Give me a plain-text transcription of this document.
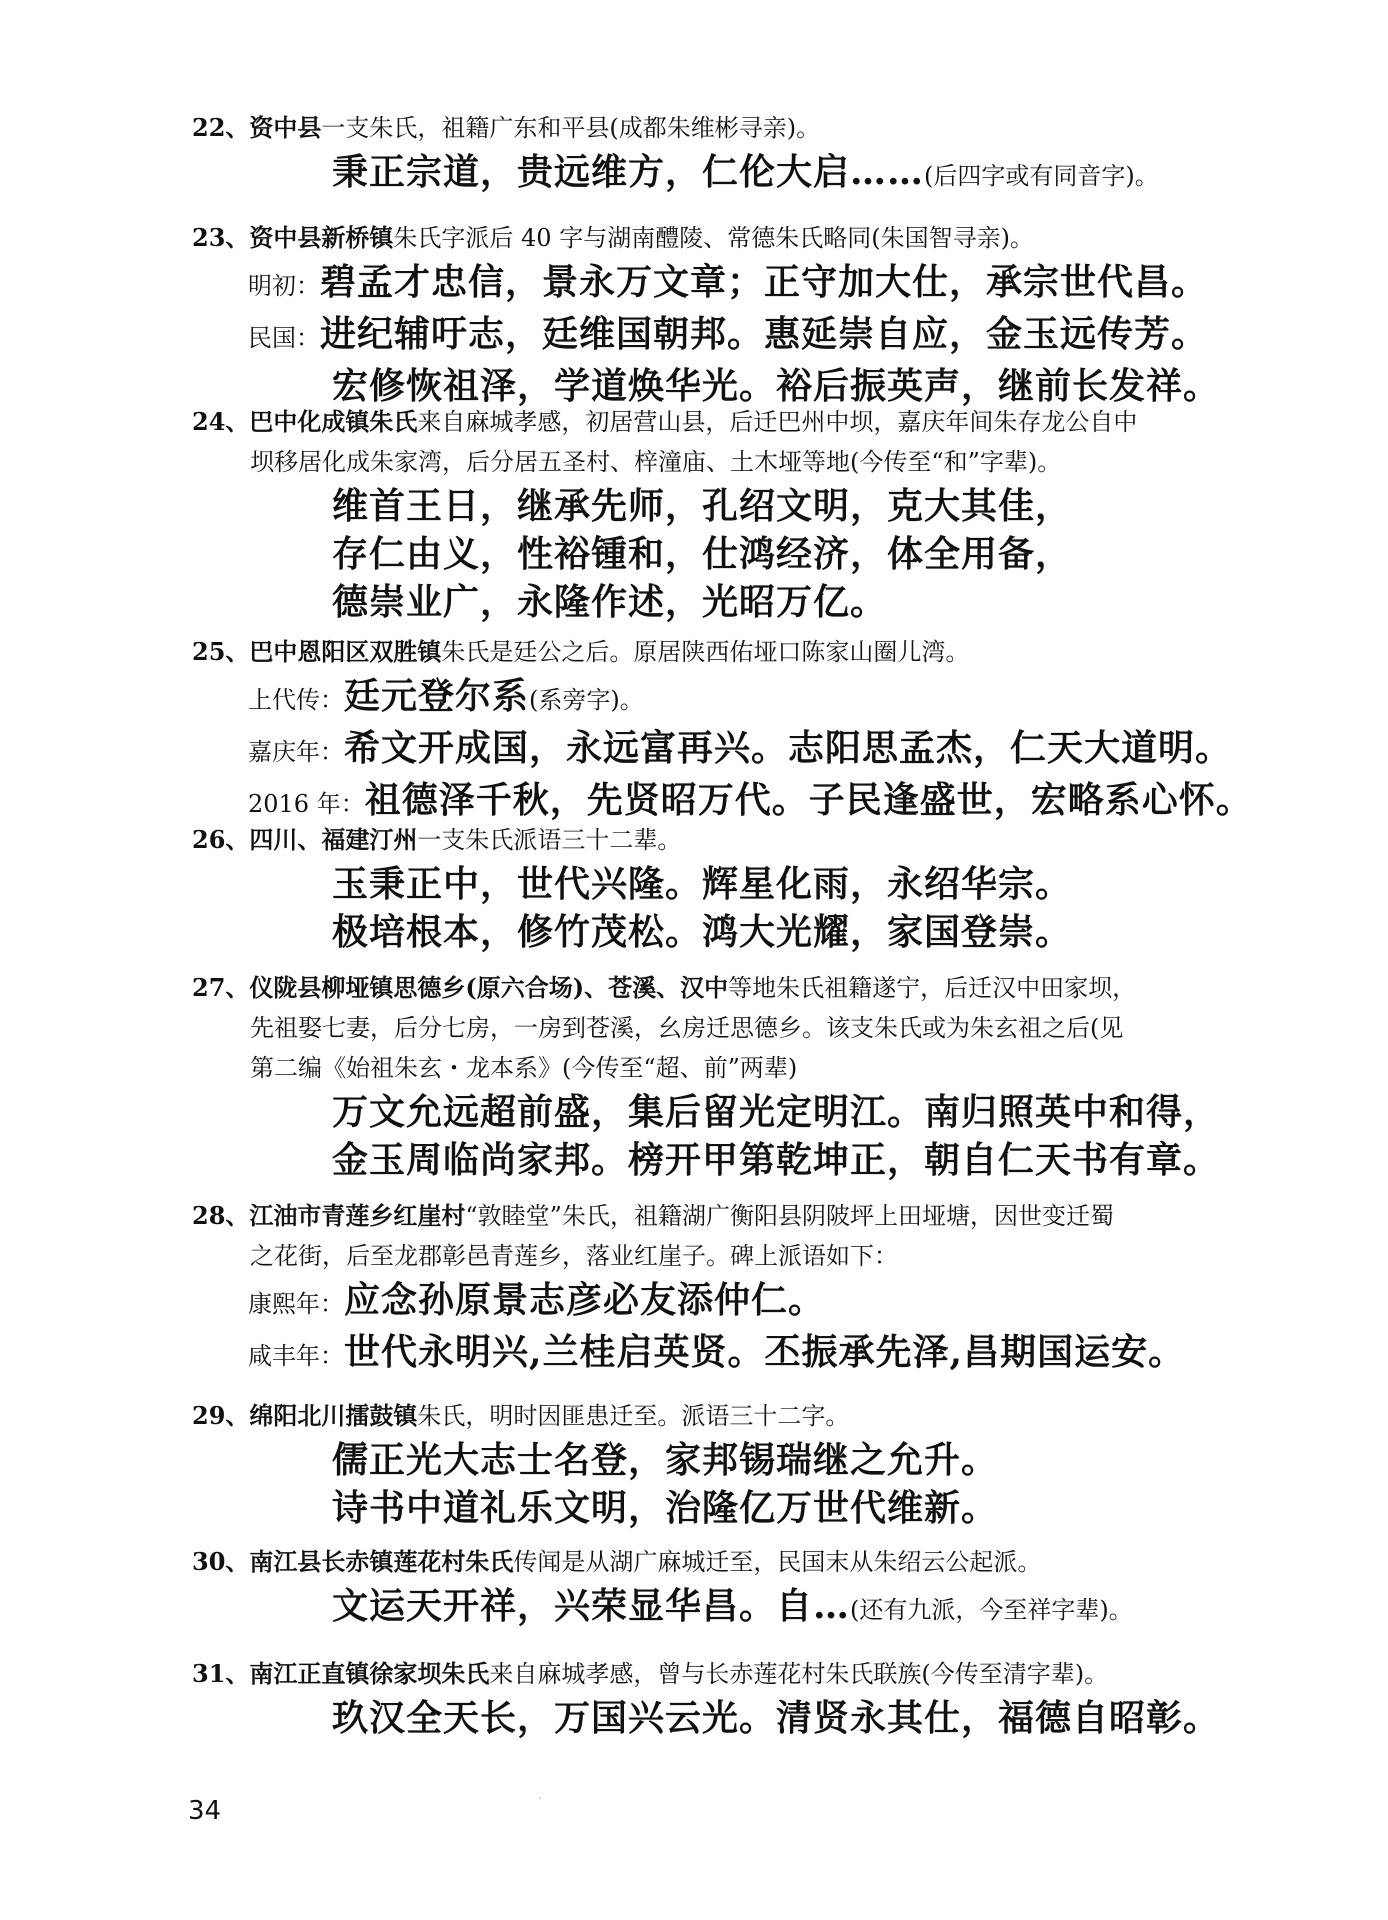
22、资中县一支朱氏，祖籍广东和平县(成都朱维彬寻亲)。
秉正宗道，贵远维方，仁伦大启……(后四字或有同音字)。
23、资中县新桥镇朱氏字派后 40 字与湖南醴陵、常德朱氏略同(朱国智寻亲)。
明初：碧孟才忠信，景永万文章；正守加大仕，承宗世代昌。
民国：进纪辅吁志，廷维国朝邦。惠延崇自应，金玉远传芳。
宏修恢祖泽，学道焕华光。裕后振英声，继前长发祥。
24、巴中化成镇朱氏来自麻城孝感，初居营山县，后迁巴州中坝，嘉庆年间朱存龙公自中
坝移居化成朱家湾，后分居五圣村、梓潼庙、土木垭等地(今传至“和”字辈)。
维首王日，继承先师，孔绍文明，克大其佳，
存仁由义，性裕锺和，仕鸿经济，体全用备，
德崇业广，永隆作述，光昭万亿。
25、巴中恩阳区双胜镇朱氏是廷公之后。原居陕西佑垭口陈家山圈儿湾。
上代传：廷元登尔系(系旁字)。
嘉庆年：希文开成国，永远富再兴。志阳思孟杰，仁天大道明。
2016 年：祖德泽千秋，先贤昭万代。子民逢盛世，宏略系心怀。
26、四川、福建汀州一支朱氏派语三十二辈。
玉秉正中，世代兴隆。辉星化雨，永绍华宗。
极培根本，修竹茂松。鸿大光耀，家国登崇。
27、仪陇县柳垭镇思德乡(原六合场)、苍溪、汉中等地朱氏祖籍遂宁，后迁汉中田家坝，
先祖娶七妻，后分七房，一房到苍溪，幺房迁思德乡。该支朱氏或为朱玄祖之后(见
第二编《始祖朱玄・龙本系》(今传至“超、前”两辈)
万文允远超前盛，集后留光定明江。南归照英中和得，
金玉周临尚家邦。榜开甲第乾坤正，朝自仁天书有章。
28、江油市青莲乡红崖村“敦睦堂”朱氏，祖籍湖广衡阳县阴陂坪上田垭塘，因世变迁蜀
之花街，后至龙郡彰邑青莲乡，落业红崖子。碑上派语如下：
康熙年：应念孙原景志彦必友添仲仁。
咸丰年：世代永明兴,兰桂启英贤。丕振承先泽,昌期国运安。
29、绵阳北川擂鼓镇朱氏，明时因匪患迁至。派语三十二字。
儒正光大志士名登，家邦锡瑞继之允升。
诗书中道礼乐文明，治隆亿万世代维新。
30、南江县长赤镇莲花村朱氏传闻是从湖广麻城迁至，民国末从朱绍云公起派。
文运天开祥，兴荣显华昌。自…(还有九派，今至祥字辈)。
31、南江正直镇徐家坝朱氏来自麻城孝感，曾与长赤莲花村朱氏联族(今传至清字辈)。
玖汉全天长，万国兴云光。清贤永其仕，福德自昭彰。
·
34
